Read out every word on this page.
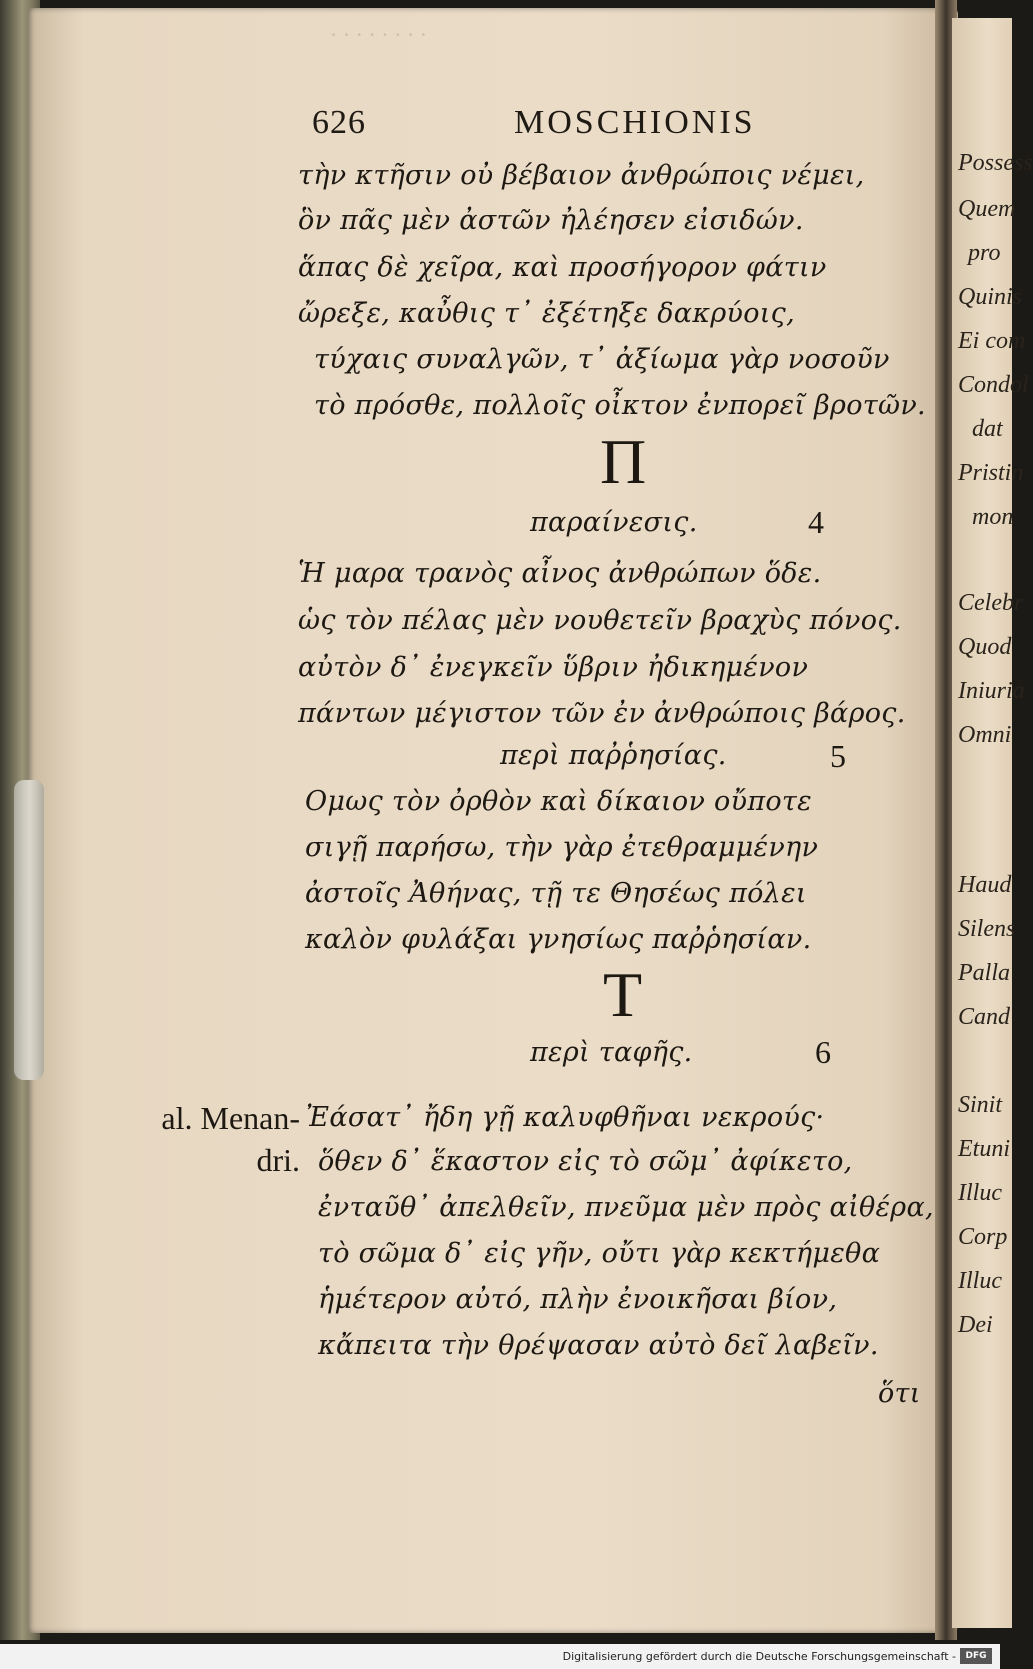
· · · · · · · ·
626	MOSCHIONIS
τὴν κτῆσιν οὐ βέβαιον ἀνθρώποις νέμει,
ὃν πᾶς μὲν ἀστῶν ἠλέησεν εἰσιδών.
ἅπας δὲ χεῖρα, καὶ προσήγορον φάτιν
ὤρεξε, καὖθις τ᾽ ἐξέτηξε δακρύοις,
τύχαις συναλγῶν, τ᾽ ἀξίωμα γὰρ νοσοῦν
τὸ πρόσθε, πολλοῖς οἶκτον ἐνπορεῖ βροτῶν.
Π
παραίνεσις.	4
Ἡ μαρα τρανὸς αἶνος ἀνθρώπων ὅδε.
ὡς τὸν πέλας μὲν νουθετεῖν βραχὺς πόνος.
αὐτὸν δ᾽ ἐνεγκεῖν ὕβριν ἠδικημένον
πάντων μέγιστον τῶν ἐν ἀνθρώποις βάρος.
περὶ παῤῥησίας.	5
Ομως τὸν ὀρθὸν καὶ δίκαιον οὔποτε
σιγῇ παρήσω, τὴν γὰρ ἐτεθραμμένην
ἀστοῖς Ἀθήνας, τῇ τε Θησέως πόλει
καλὸν φυλάξαι γνησίως παῤῥησίαν.
Τ
περὶ ταφῆς.	6
al. Menan-
dri.
Ἐάσατ᾽ ἤδη γῇ καλυφθῆναι νεκρούς·
ὅθεν δ᾽ ἕκαστον εἰς τὸ σῶμ᾽ ἀφίκετο,
ἐνταῦθ᾽ ἀπελθεῖν, πνεῦμα μὲν πρὸς αἰθέρα,
τὸ σῶμα δ᾽ εἰς γῆν, οὔτι γὰρ κεκτήμεθα
ἡμέτερον αὐτό, πλὴν ἐνοικῆσαι βίον,
κἄπειτα τὴν θρέψασαν αὐτὸ δεῖ λαβεῖν.
ὅτι
Possess
Quem
pro
Quinis
Ei com
Condol
dat
Pristin
mon
Celebr
Quod
Iniuria
Omni
Haud
Silens
Palla
Cand
Sinit
Etuni
Illuc
Corp
Illuc
Dei
Digitalisierung gefördert durch die Deutsche Forschungsgemeinschaft -	DFG
